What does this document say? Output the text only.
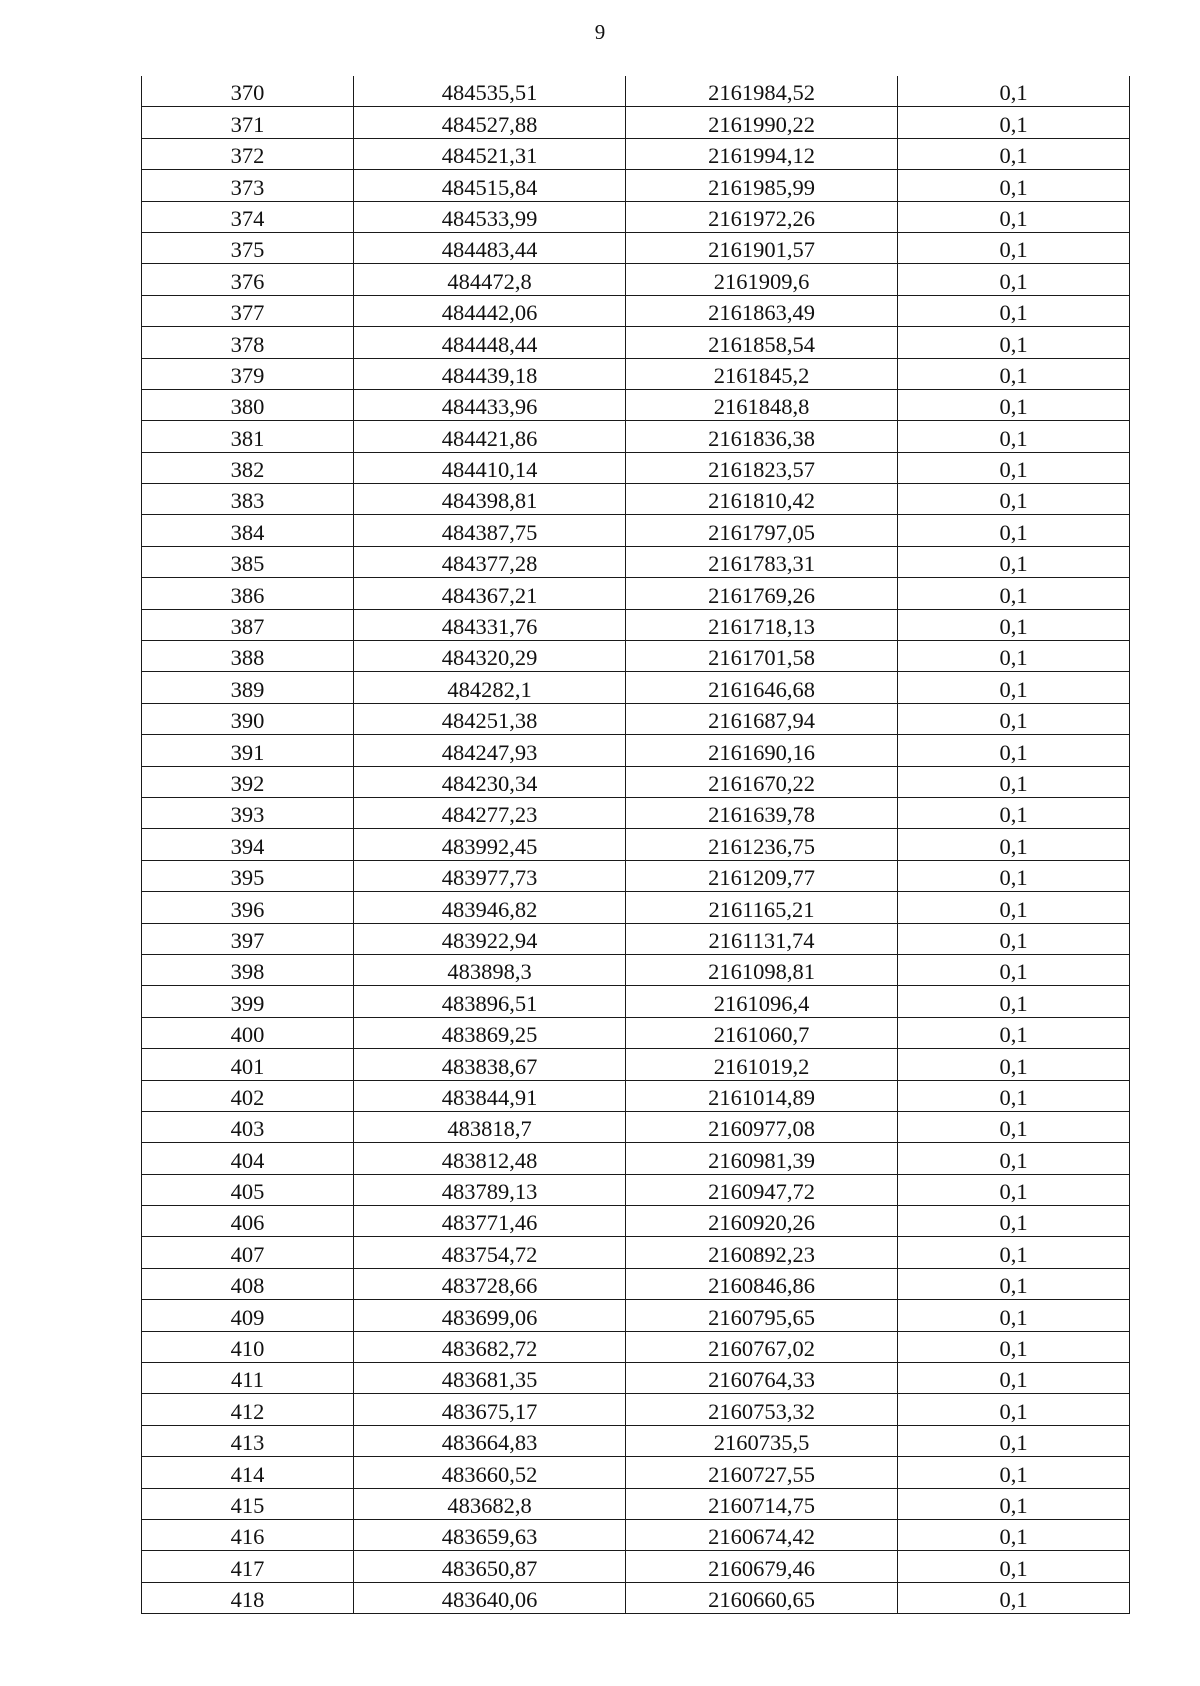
9
370	484535,51	2161984,52	0,1
371	484527,88	2161990,22	0,1
372	484521,31	2161994,12	0,1
373	484515,84	2161985,99	0,1
374	484533,99	2161972,26	0,1
375	484483,44	2161901,57	0,1
376	484472,8	2161909,6	0,1
377	484442,06	2161863,49	0,1
378	484448,44	2161858,54	0,1
379	484439,18	2161845,2	0,1
380	484433,96	2161848,8	0,1
381	484421,86	2161836,38	0,1
382	484410,14	2161823,57	0,1
383	484398,81	2161810,42	0,1
384	484387,75	2161797,05	0,1
385	484377,28	2161783,31	0,1
386	484367,21	2161769,26	0,1
387	484331,76	2161718,13	0,1
388	484320,29	2161701,58	0,1
389	484282,1	2161646,68	0,1
390	484251,38	2161687,94	0,1
391	484247,93	2161690,16	0,1
392	484230,34	2161670,22	0,1
393	484277,23	2161639,78	0,1
394	483992,45	2161236,75	0,1
395	483977,73	2161209,77	0,1
396	483946,82	2161165,21	0,1
397	483922,94	2161131,74	0,1
398	483898,3	2161098,81	0,1
399	483896,51	2161096,4	0,1
400	483869,25	2161060,7	0,1
401	483838,67	2161019,2	0,1
402	483844,91	2161014,89	0,1
403	483818,7	2160977,08	0,1
404	483812,48	2160981,39	0,1
405	483789,13	2160947,72	0,1
406	483771,46	2160920,26	0,1
407	483754,72	2160892,23	0,1
408	483728,66	2160846,86	0,1
409	483699,06	2160795,65	0,1
410	483682,72	2160767,02	0,1
411	483681,35	2160764,33	0,1
412	483675,17	2160753,32	0,1
413	483664,83	2160735,5	0,1
414	483660,52	2160727,55	0,1
415	483682,8	2160714,75	0,1
416	483659,63	2160674,42	0,1
417	483650,87	2160679,46	0,1
418	483640,06	2160660,65	0,1
